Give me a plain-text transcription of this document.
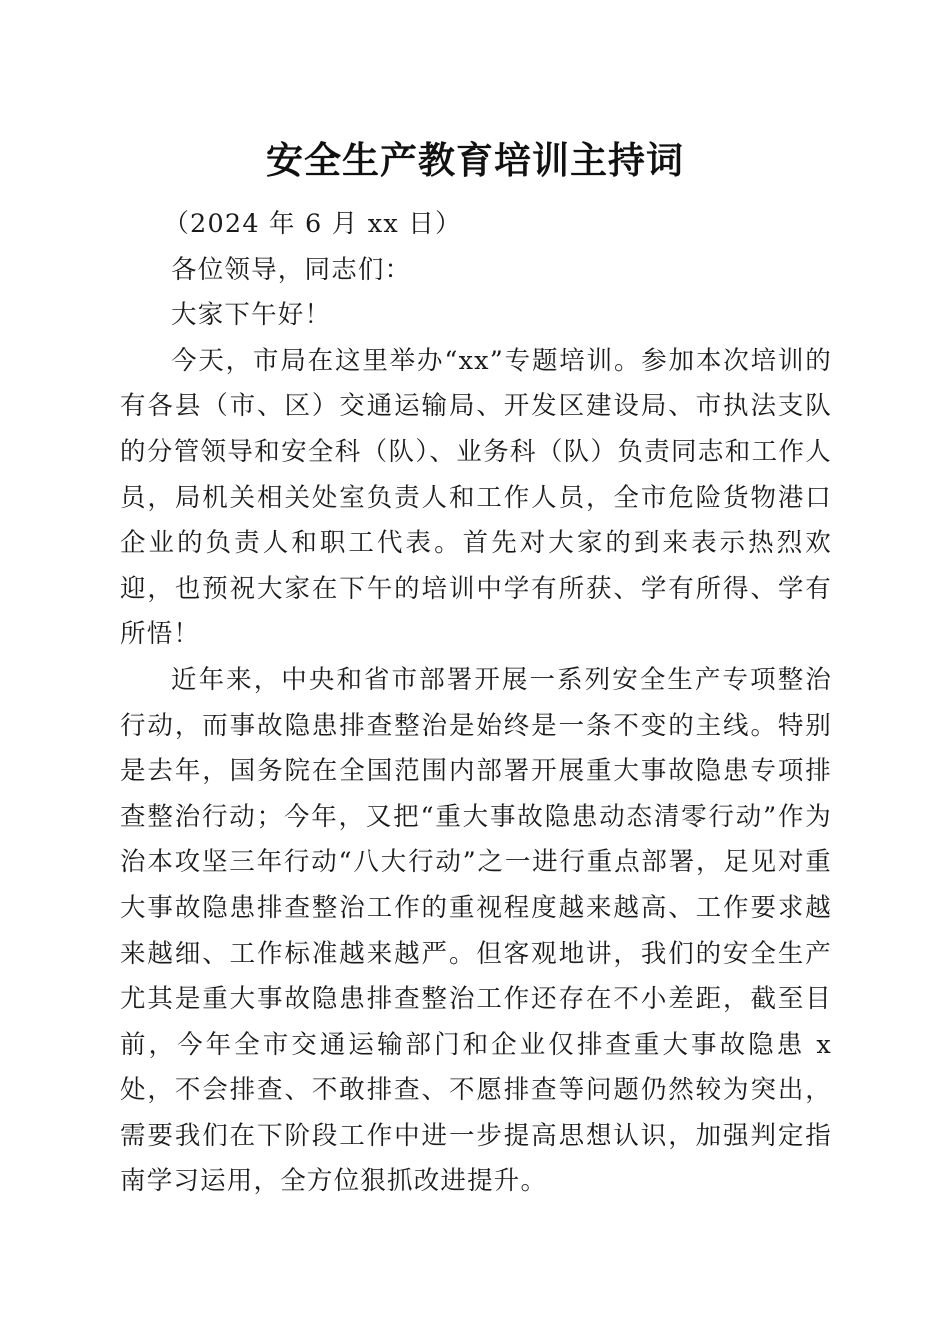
安全生产教育培训主持词

（2024 年 6 月 xx 日）

各位领导，同志们：

大家下午好！

今天，市局在这里举办“xx”专题培训。参加本次培训的有各县（市、区）交通运输局、开发区建设局、市执法支队的分管领导和安全科（队）、业务科（队）负责同志和工作人员，局机关相关处室负责人和工作人员，全市危险货物港口企业的负责人和职工代表。首先对大家的到来表示热烈欢迎，也预祝大家在下午的培训中学有所获、学有所得、学有所悟！

近年来，中央和省市部署开展一系列安全生产专项整治行动，而事故隐患排查整治是始终是一条不变的主线。特别是去年，国务院在全国范围内部署开展重大事故隐患专项排查整治行动；今年，又把“重大事故隐患动态清零行动”作为治本攻坚三年行动“八大行动”之一进行重点部署，足见对重大事故隐患排查整治工作的重视程度越来越高、工作要求越来越细、工作标准越来越严。但客观地讲，我们的安全生产尤其是重大事故隐患排查整治工作还存在不小差距，截至目前，今年全市交通运输部门和企业仅排查重大事故隐患 x 处，不会排查、不敢排查、不愿排查等问题仍然较为突出，需要我们在下阶段工作中进一步提高思想认识，加强判定指南学习运用，全方位狠抓改进提升。
